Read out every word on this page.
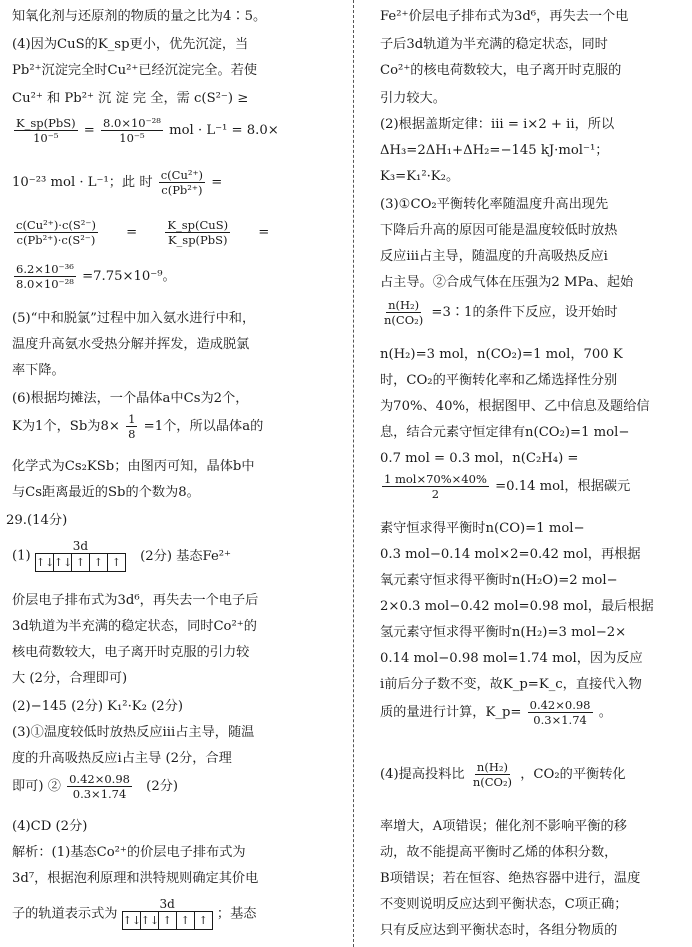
知氧化剂与还原剂的物质的量之比为4∶5。
(4)因为CuS的K_sp更小，优先沉淀，当
Pb²⁺沉淀完全时Cu²⁺已经沉淀完全。若使
Cu²⁺ 和 Pb²⁺ 沉 淀 完 全，需 c(S²⁻) ≥
$\frac{\text{K\_sp(PbS)}}{\text{10⁻⁵}} = \frac{\text{8.0×10⁻²⁸}}{\text{10⁻⁵}}$ mol · L⁻¹ = 8.0×
10⁻²³ mol · L⁻¹；此 时 $\frac{\text{c(Cu²⁺)}}{\text{c(Pb²⁺)}}$ =
$\frac{\text{c(Cu²⁺)·c(S²⁻)}}{\text{c(Pb²⁺)·c(S²⁻)}} = \frac{\text{K\_sp(CuS)}}{\text{K\_sp(PbS)}}$ =
$\frac{\text{6.2×10⁻³⁶}}{\text{8.0×10⁻²⁸}} =7.75\times 10^{-9}$。
(5)“中和脱氯”过程中加入氨水进行中和，
温度升高氨水受热分解并挥发，造成脱氯
率下降。
(6)根据均摊法，一个晶体a中Cs为2个，
K为1个，Sb为$8\times \frac{1}{8} =1$个，所以晶体a的
化学式为Cs₂KSb；由图丙可知，晶体b中
与Cs距离最近的Sb的个数为8。
29.(14分)
(1)
3d
↑↓ ↑↓ ↑ ↑ ↑ (2分) 基态Fe²⁺
价层电子排布式为3d⁶，再失去一个电子后
3d轨道为半充满的稳定状态，同时Co²⁺的
核电荷数较大，电子离开时克服的引力较
大 (2分，合理即可)
(2)−145 (2分) K₁²·K₂ (2分)
(3)①温度较低时放热反应iii占主导，随温
度的升高吸热反应i占主导 (2分，合理
即可) ② $\frac{0.42\times 0.98}{0.3\times 1.74} (2$分)
(4)CD (2分)
解析：(1)基态Co²⁺的价层电子排布式为
3d⁷，根据泡利原理和洪特规则确定其价电
子的轨道表示式为
3d
↑↓ ↑↓ ↑ ↑ ↑ ；基态
Fe²⁺价层电子排布式为3d⁶，再失去一个电
子后3d轨道为半充满的稳定状态，同时
Co²⁺的核电荷数较大，电子离开时克服的
引力较大。
(2)根据盖斯定律：iii = i×2 + ii，所以
ΔH₃=2ΔH₁+ΔH₂=−145 kJ·mol⁻¹；
K₃=K₁²·K₂。
(3)①CO₂平衡转化率随温度升高出现先
下降后升高的原因可能是温度较低时放热
反应iii占主导，随温度的升高吸热反应i
占主导。②合成气体在压强为2 MPa、起始
$\frac{\text{n(H₂)}}{\text{n(CO₂)}}$ =3∶1的条件下反应，设开始时
n(H₂)=3 mol，n(CO₂)=1 mol，700 K
时，CO₂的平衡转化率和乙烯选择性分别
为70%、40%，根据图甲、乙中信息及题给信
息，结合元素守恒定律有n(CO₂)=1 mol−
0.7 mol = 0.3 mol，n(C₂H₄) =
$\frac{\text{1 mol×70\%×40\%}}{2} =0.14$ mol，根据碳元
素守恒求得平衡时n(CO)=1 mol−
0.3 mol−0.14 mol×2=0.42 mol，再根据
氧元素守恒求得平衡时n(H₂O)=2 mol−
2×0.3 mol−0.42 mol=0.98 mol，最后根据
氢元素守恒求得平衡时n(H₂)=3 mol−2×
0.14 mol−0.98 mol=1.74 mol，因为反应
i前后分子数不变，故K_p=K_c，直接代入物
质的量进行计算，K_p= $\frac{0.42\times 0.98}{0.3\times 1.74}$ 。
(4)提高投料比 $\frac{\text{n(H₂)}}{\text{n(CO₂)}}$ ，CO₂的平衡转化
率增大，A项错误；催化剂不影响平衡的移
动，故不能提高平衡时乙烯的体积分数，
B项错误；若在恒容、绝热容器中进行，温度
不变则说明反应达到平衡状态，C项正确；
只有反应达到平衡状态时，各组分物质的
